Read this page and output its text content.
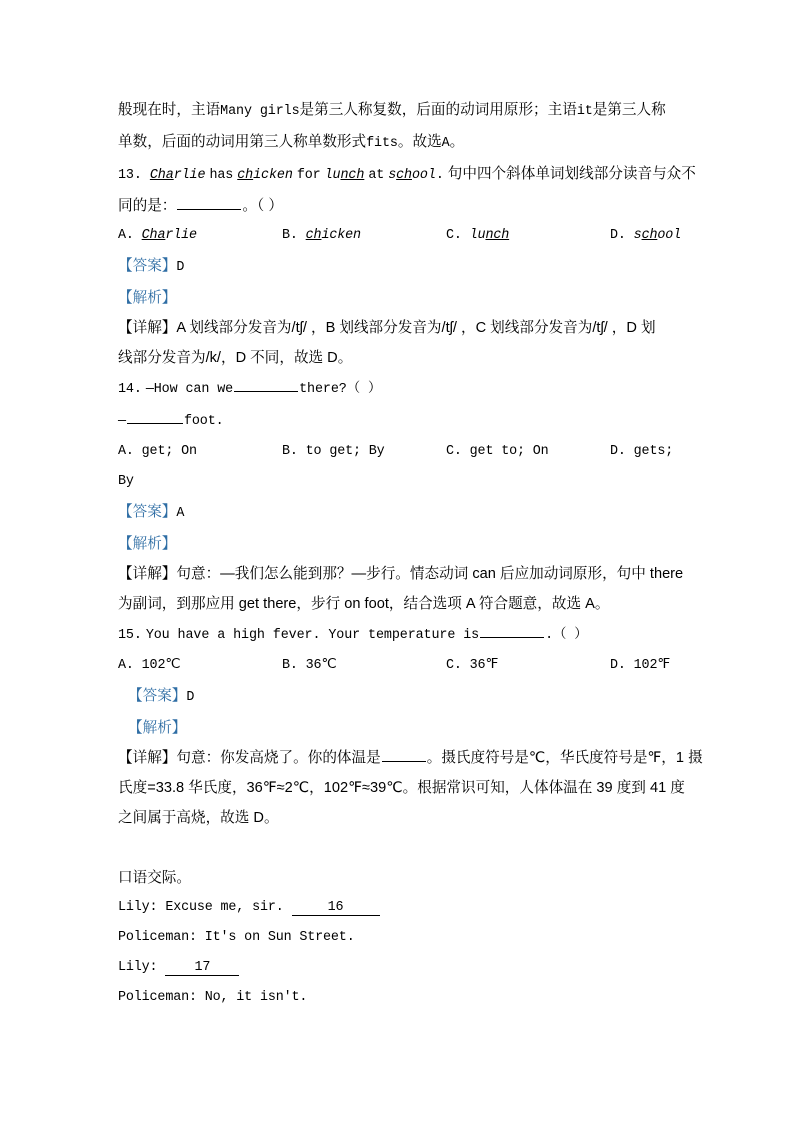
般现在时，主语Many girls是第三人称复数，后面的动词用原形；主语it是第三人称单数，后面的动词用第三人称单数形式fits。故选A。
13. Charlie has chicken for lunch at school. 句中四个斜体单词划线部分读音与众不
同的是：	。（ ）
A. Charlie	B. chicken	C. lunch	D. school
【答案】D
【解析】
【详解】A 划线部分发音为/tʃ/ ，B 划线部分发音为/tʃ/ ，C 划线部分发音为/tʃ/ ，D 划
线部分发音为/k/，D 不同，故选 D。
14. —How can we	there?（ ）
—	foot.
A. get; On	B. to get; By	C. get to; On	D. gets;
By
【答案】A
【解析】
【详解】句意：—我们怎么能到那？—步行。情态动词 can 后应加动词原形，句中 there
为副词，到那应用 get there，步行 on foot，结合选项 A 符合题意，故选 A。
15. You have a high fever. Your temperature is	.（ ）
A. 102℃	B. 36℃	C. 36℉	D. 102℉
【答案】D
【解析】
【详解】句意：你发高烧了。你的体温是	。摄氏度符号是℃，华氏度符号是℉，1 摄
氏度=33.8 华氏度，36℉≈2℃，102℉≈39℃。根据常识可知，人体体温在 39 度到 41 度
之间属于高烧，故选 D。
口语交际。
Lily: Excuse me, sir.	16
Policeman: It's on Sun Street.
Lily:	17
Policeman: No, it isn't.
